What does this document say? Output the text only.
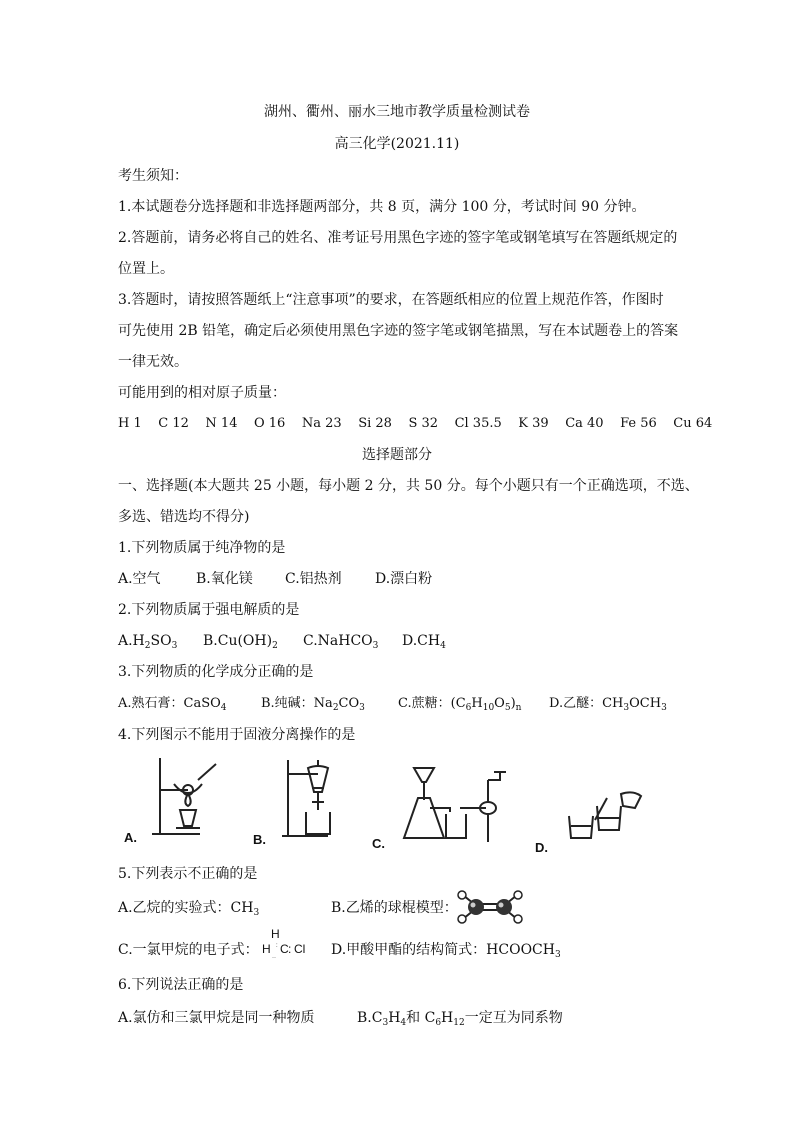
湖州、衢州、丽水三地市教学质量检测试卷
高三化学(2021.11)
考生须知：
1.本试题卷分选择题和非选择题两部分，共 8 页，满分 100 分，考试时间 90 分钟。
2.答题前，请务必将自己的姓名、准考证号用黑色字迹的签字笔或钢笔填写在答题纸规定的
位置上。
3.答题时，请按照答题纸上“注意事项”的要求，在答题纸相应的位置上规范作答，作图时
可先使用 2B 铅笔，确定后必须使用黑色字迹的签字笔或钢笔描黑，写在本试题卷上的答案
一律无效。
可能用到的相对原子质量：
H 1    C 12    N 14    O 16    Na 23    Si 28    S 32    Cl 35.5    K 39    Ca 40    Fe 56    Cu 64
选择题部分
一、选择题(本大题共 25 小题，每小题 2 分，共 50 分。每个小题只有一个正确选项，不选、
多选、错选均不得分)
1.下列物质属于纯净物的是
A.空气	B.氧化镁 C.铝热剂 D.漂白粉
2.下列物质属于强电解质的是
$A.H_2SO_3$ $B.Cu(OH)_2$ C.NaHCO$_3$ $D.CH_4$
3.下列物质的化学成分正确的是
A.熟石膏：CaSO$_4$	B.纯碱：$Na_2CO_3$	C.蔗糖：$(C_6H_{10}O_5)_n$ D.乙醚：$CH_3OCH_3$
4.下列图示不能用于固液分离操作的是
A.	B.	C.	D.
5.下列表示不正确的是
A.乙烷的实验式：$CH_3$	B.乙烯的球棍模型：
C.一氯甲烷的电子式：
H
H : C : Cl
··	D.甲酸甲酯的结构简式：$HCOOCH_3$
6.下列说法正确的是
A.氯仿和三氯甲烷是同一种物质	$B.C_3H_4$和 $C_6H_{12}$一定互为同系物
